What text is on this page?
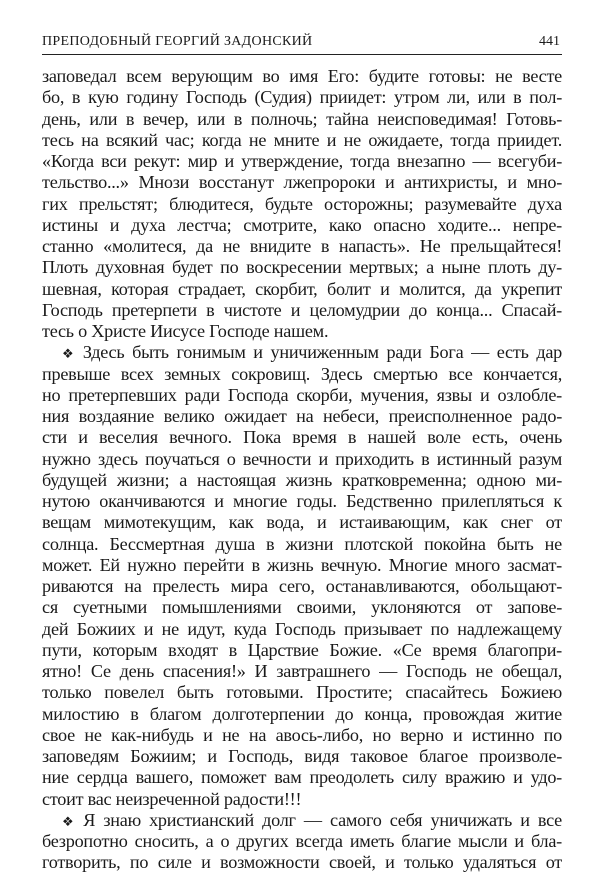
ПРЕПОДОБНЫЙ ГЕОРГИЙ ЗАДОНСКИЙ	441
заповедал всем верующим во имя Его: будите готовы: не весте
бо, в кую годину Господь (Судия) приидет: утром ли, или в пол-
день, или в вечер, или в полночь; тайна неисповедимая! Готовь-
тесь на всякий час; когда не мните и не ожидаете, тогда приидет.
«Когда вси рекут: мир и утверждение, тогда внезапно — всегуби-
тельство...» Мнози восстанут лжепророки и антихристы, и мно-
гих прельстят; блюдитеся, будьте осторожны; разумевайте духа
истины и духа лестча; смотрите, како опасно ходите... непре-
станно «молитеся, да не внидите в напасть». Не прельщайтеся!
Плоть духовная будет по воскресении мертвых; а ныне плоть ду-
шевная, которая страдает, скорбит, болит и молится, да укрепит
Господь претерпети в чистоте и целомудрии до конца... Спасай-
тесь о Христе Иисусе Господе нашем.
❖ Здесь быть гонимым и уничиженным ради Бога — есть дар
превыше всех земных сокровищ. Здесь смертью все кончается,
но претерпевших ради Господа скорби, мучения, язвы и озлобле-
ния воздаяние велико ожидает на небеси, преисполненное радо-
сти и веселия вечного. Пока время в нашей воле есть, очень
нужно здесь поучаться о вечности и приходить в истинный разум
будущей жизни; а настоящая жизнь кратковременна; одною ми-
нутою оканчиваются и многие годы. Бедственно прилепляться к
вещам мимотекущим, как вода, и истаивающим, как снег от
солнца. Бессмертная душа в жизни плотской покойна быть не
может. Ей нужно перейти в жизнь вечную. Многие много засмат-
риваются на прелесть мира сего, останавливаются, обольщают-
ся суетными помышлениями своими, уклоняются от запове-
дей Божиих и не идут, куда Господь призывает по надлежащему
пути, которым входят в Царствие Божие. «Се время благопри-
ятно! Се день спасения!» И завтрашнего — Господь не обещал,
только повелел быть готовыми. Простите; спасайтесь Божиею
милостию в благом долготерпении до конца, провождая житие
свое не как-нибудь и не на авось-либо, но верно и истинно по
заповедям Божиим; и Господь, видя таковое благое произволе-
ние сердца вашего, поможет вам преодолеть силу вражию и удо-
стоит вас неизреченной радости!!!
❖ Я знаю христианский долг — самого себя уничижать и все
безропотно сносить, а о других всегда иметь благие мысли и бла-
готворить, по силе и возможности своей, и только удаляться от
